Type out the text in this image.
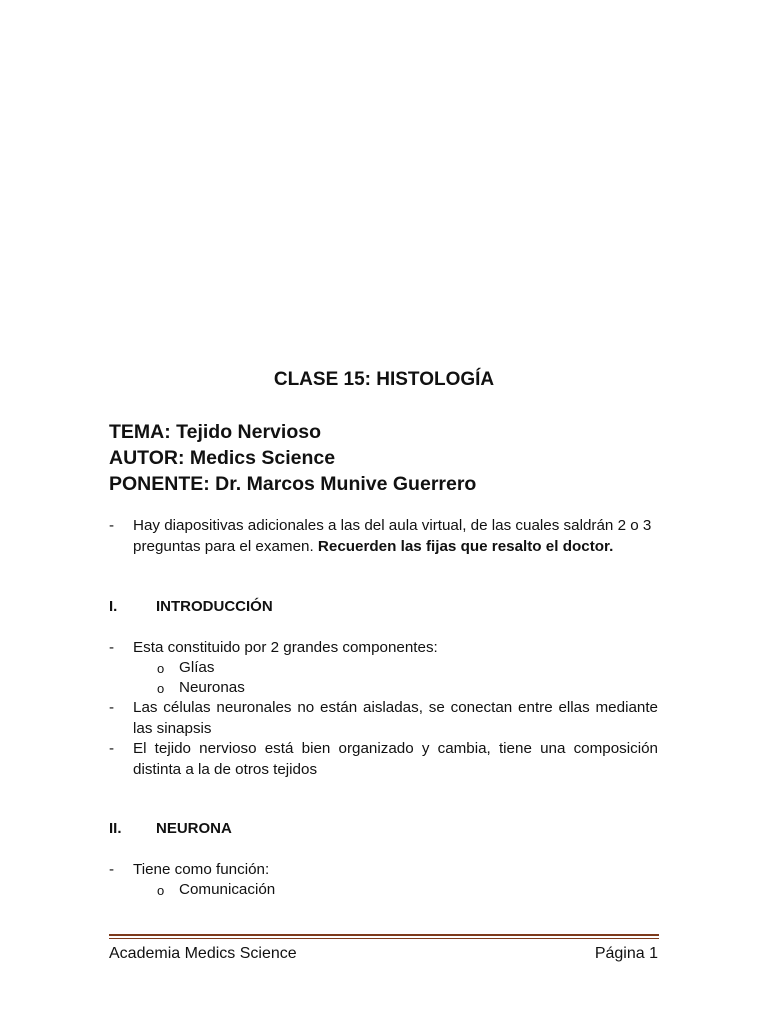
CLASE 15: HISTOLOGÍA
TEMA: Tejido Nervioso
AUTOR: Medics Science
PONENTE: Dr. Marcos Munive Guerrero
- Hay diapositivas adicionales a las del aula virtual, de las cuales saldrán 2 o 3 preguntas para el examen. Recuerden las fijas que resalto el doctor.
I.	INTRODUCCIÓN
- Esta constituido por 2 grandes componentes:
o Glías
o Neuronas
- Las células neuronales no están aisladas, se conectan entre ellas mediante las sinapsis
- El tejido nervioso está bien organizado y cambia, tiene una composición distinta a la de otros tejidos
II. NEURONA
- Tiene como función:
o Comunicación
Academia Medics Science	Página 1
